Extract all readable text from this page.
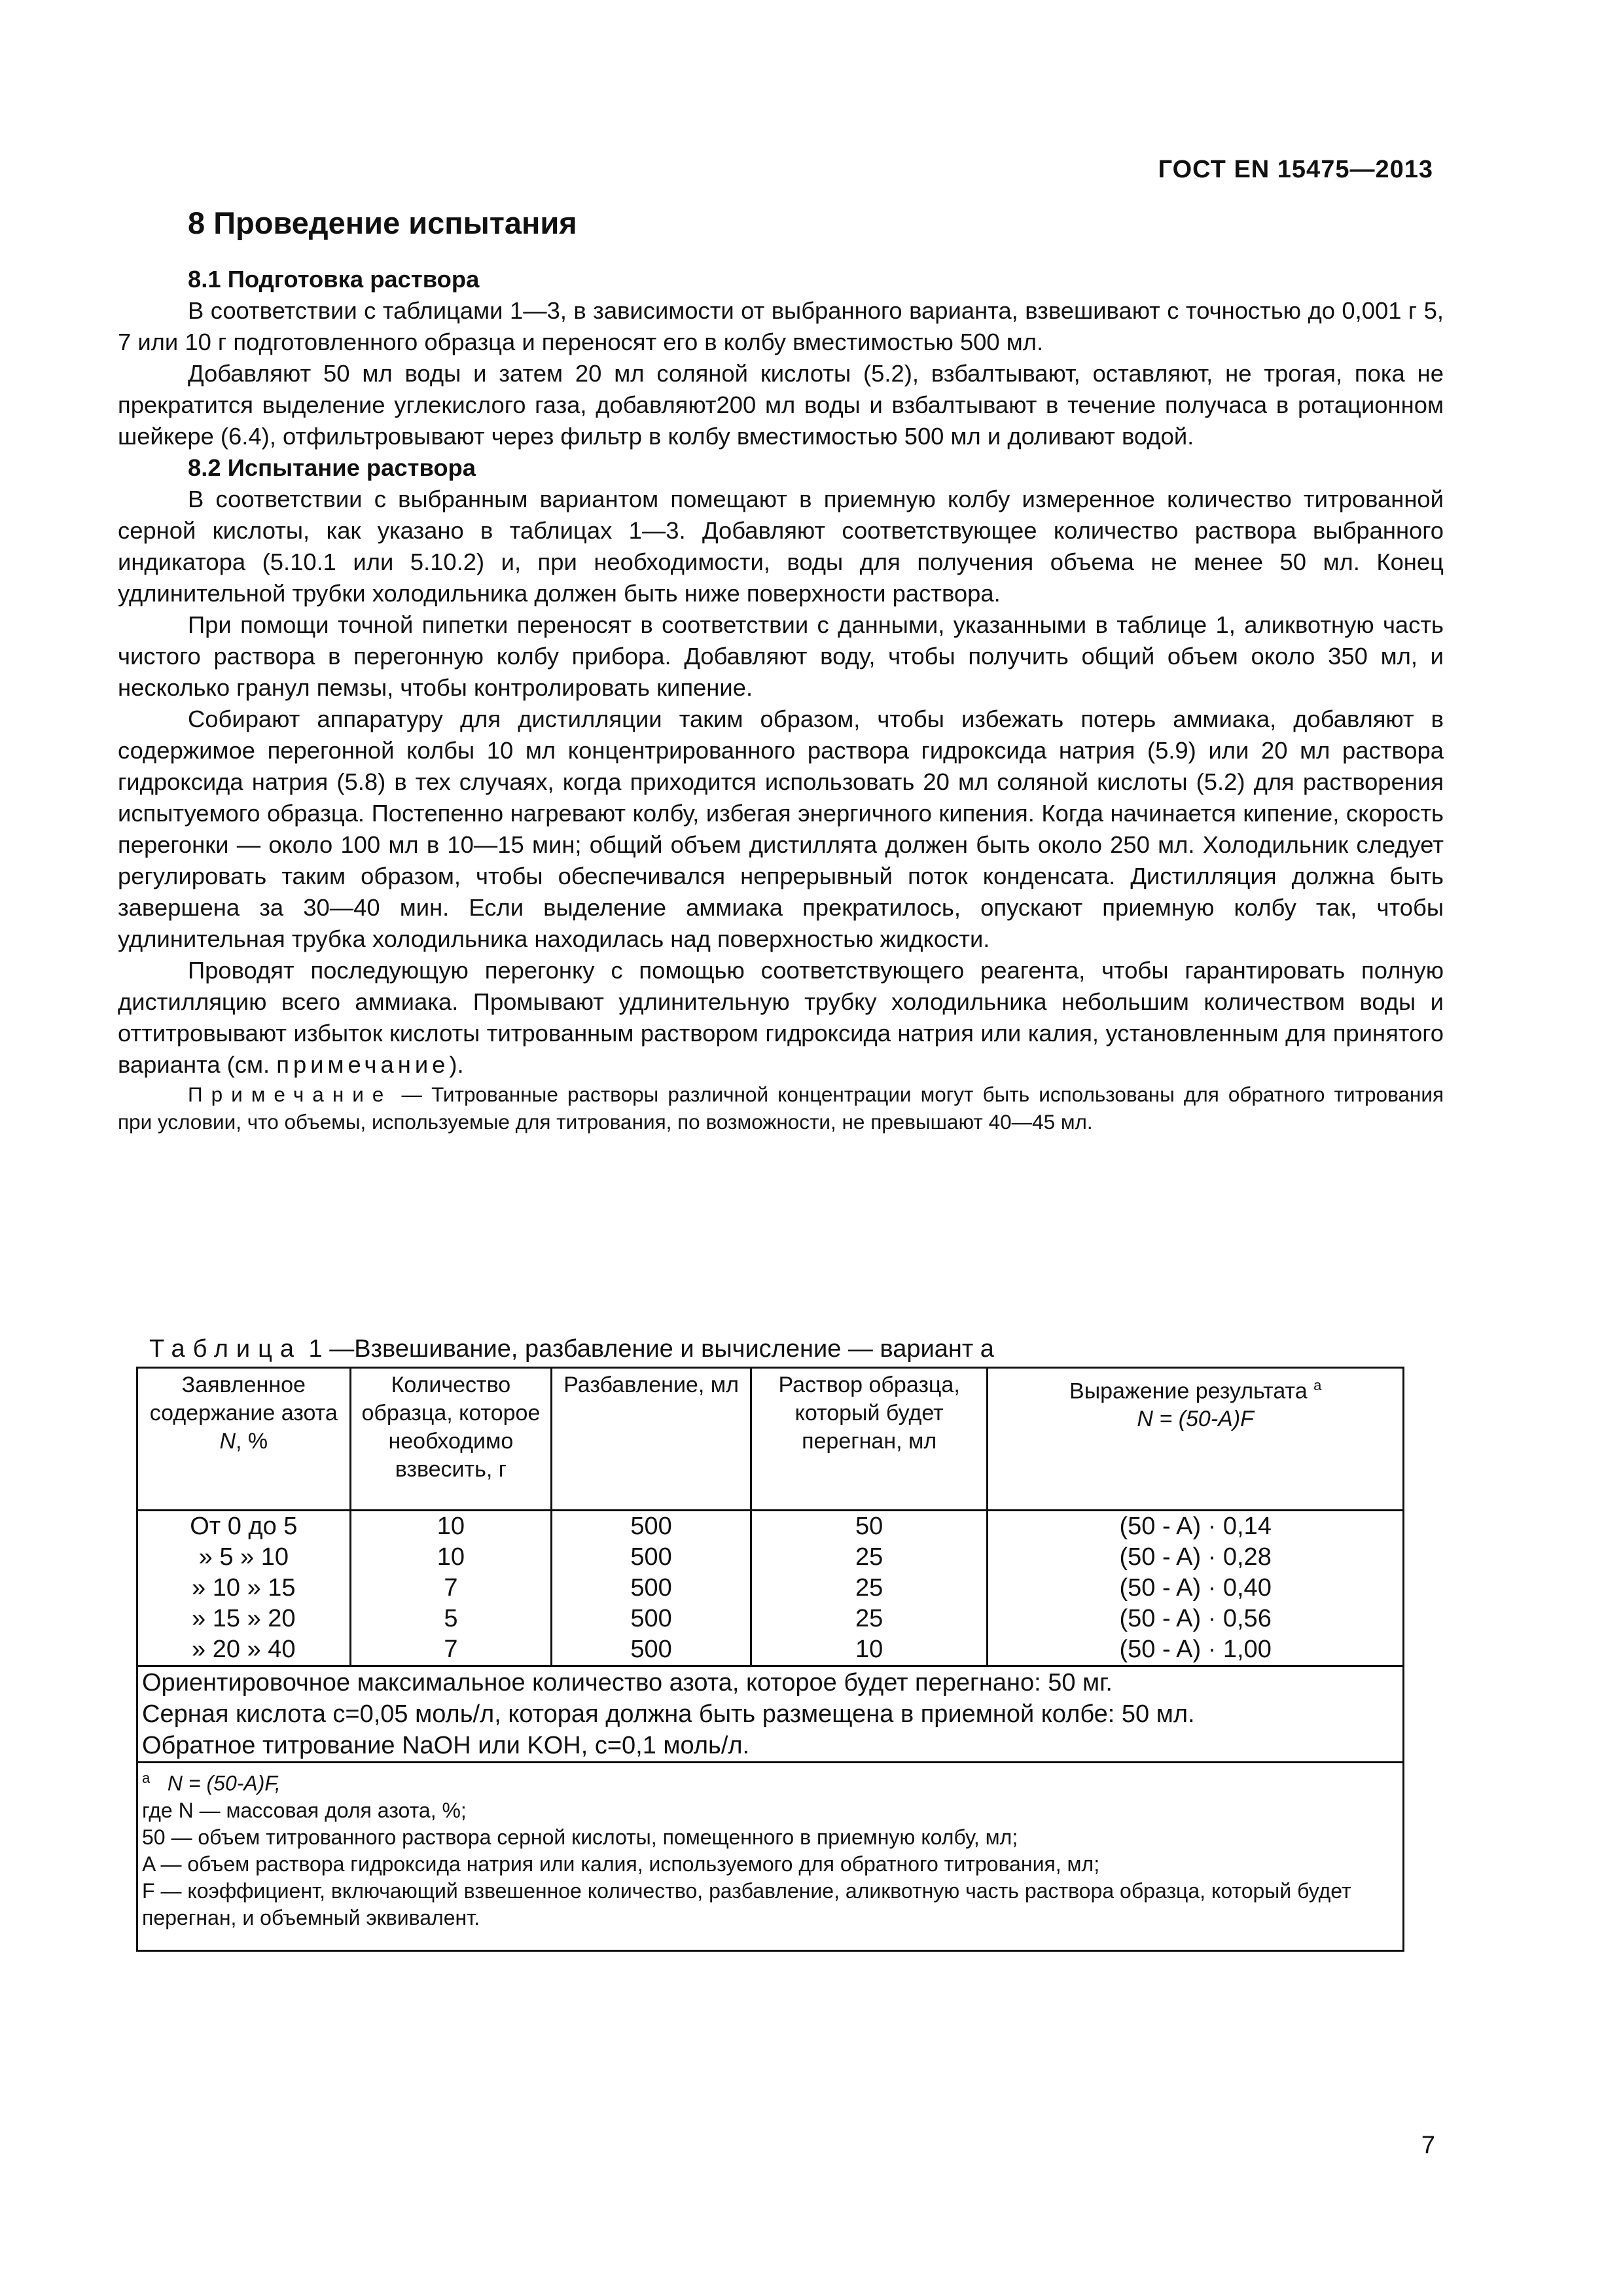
ГОСТ EN 15475—2013
8 Проведение испытания

8.1 Подготовка раствора

В соответствии с таблицами 1—3, в зависимости от выбранного варианта, взвешивают с точностью до 0,001 г 5, 7 или 10 г подготовленного образца и переносят его в колбу вместимостью 500 мл.

Добавляют 50 мл воды и затем 20 мл соляной кислоты (5.2), взбалтывают, оставляют, не трогая, пока не прекратится выделение углекислого газа, добавляют200 мл воды и взбалтывают в течение получаса в ротационном шейкере (6.4), отфильтровывают через фильтр в колбу вместимостью 500 мл и доливают водой.

8.2 Испытание раствора

В соответствии с выбранным вариантом помещают в приемную колбу измеренное количество титрованной серной кислоты, как указано в таблицах 1—3. Добавляют соответствующее количество раствора выбранного индикатора (5.10.1 или 5.10.2) и, при необходимости, воды для получения объема не менее 50 мл. Конец удлинительной трубки холодильника должен быть ниже поверхности раствора.

При помощи точной пипетки переносят в соответствии с данными, указанными в таблице 1, аликвотную часть чистого раствора в перегонную колбу прибора. Добавляют воду, чтобы получить общий объем около 350 мл, и несколько гранул пемзы, чтобы контролировать кипение.

Собирают аппаратуру для дистилляции таким образом, чтобы избежать потерь аммиака, добавляют в содержимое перегонной колбы 10 мл концентрированного раствора гидроксида натрия (5.9) или 20 мл раствора гидроксида натрия (5.8) в тех случаях, когда приходится использовать 20 мл соляной кислоты (5.2) для растворения испытуемого образца. Постепенно нагревают колбу, избегая энергичного кипения. Когда начинается кипение, скорость перегонки — около 100 мл в 10—15 мин; общий объем дистиллята должен быть около 250 мл. Холодильник следует регулировать таким образом, чтобы обеспечивался непрерывный поток конденсата. Дистилляция должна быть завершена за 30—40 мин. Если выделение аммиака прекратилось, опускают приемную колбу так, чтобы удлинительная трубка холодильника находилась над поверхностью жидкости.

Проводят последующую перегонку с помощью соответствующего реагента, чтобы гарантировать полную дистилляцию всего аммиака. Промывают удлинительную трубку холодильника небольшим количеством воды и оттитровывают избыток кислоты титрованным раствором гидроксида натрия или калия, установленным для принятого варианта (см. примечание).

Примечание — Титрованные растворы различной концентрации могут быть использованы для обратного титрования при условии, что объемы, используемые для титрования, по возможности, не превышают 40—45 мл.

Таблица 1 —Взвешивание, разбавление и вычисление — вариант а
Заявленное содержание азота
N, %	Количество образца, которое необходимо взвесить, г	Разбавление, мл	Раствор образца, который будет перегнан, мл	Выражение результата $^a$
N = (50-A)F

От 0 до 5	10	500	50	(50 - A) · 0,14
» 5 » 10	10	500	25	(50 - A) · 0,28
» 10 » 15	7	500	25	(50 - A) · 0,40
» 15 » 20	5	500	25	(50 - A) · 0,56
» 20 » 40	7	500	10	(50 - A) · 1,00

Ориентировочное максимальное количество азота, которое будет перегнано: 50 мг.
Серная кислота c=0,05 моль/л, которая должна быть размещена в приемной колбе: 50 мл.
Обратное титрование NaOH или KOH, c=0,1 моль/л.				

$^a$ N = (50-A)F,
где N — массовая доля азота, %;
50 — объем титрованного раствора серной кислоты, помещенного в приемную колбу, мл;
A — объем раствора гидроксида натрия или калия, используемого для обратного титрования, мл;
F — коэффициент, включающий взвешенное количество, разбавление, аликвотную часть раствора образца, который будет перегнан, и объемный эквивалент.				
7
